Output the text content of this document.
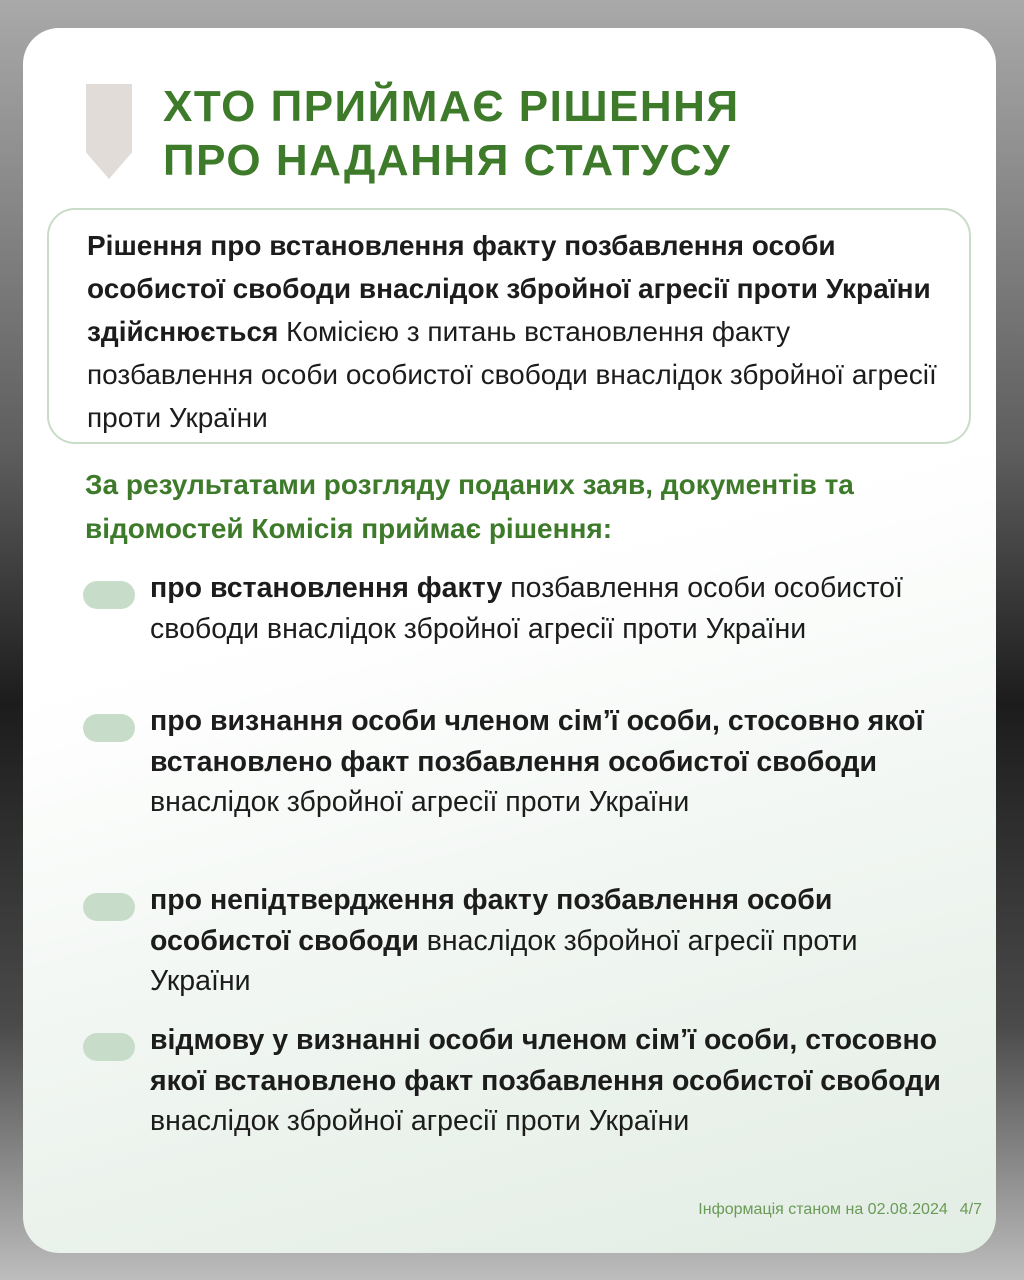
ХТО ПРИЙМАЄ РІШЕННЯ
ПРО НАДАННЯ СТАТУСУ
Рішення про встановлення факту позбавлення особи особистої свободи внаслідок збройної агресії проти України здійснюється Комісією з питань встановлення факту позбавлення особи особистої свободи внаслідок збройної агресії проти України

За результатами розгляду поданих заяв, документів та відомостей Комісія приймає рішення:

про встановлення факту позбавлення особи особистої свободи внаслідок збройної агресії проти України
про визнання особи членом сім’ї особи, стосовно якої встановлено факт позбавлення особистої свободи внаслідок збройної агресії проти України
про непідтвердження факту позбавлення особи особистої свободи внаслідок збройної агресії проти України
відмову у визнанні особи членом сім’ї особи, стосовно якої встановлено факт позбавлення особистої свободи внаслідок збройної агресії проти України
Інформація станом на 02.08.2024 4/7
